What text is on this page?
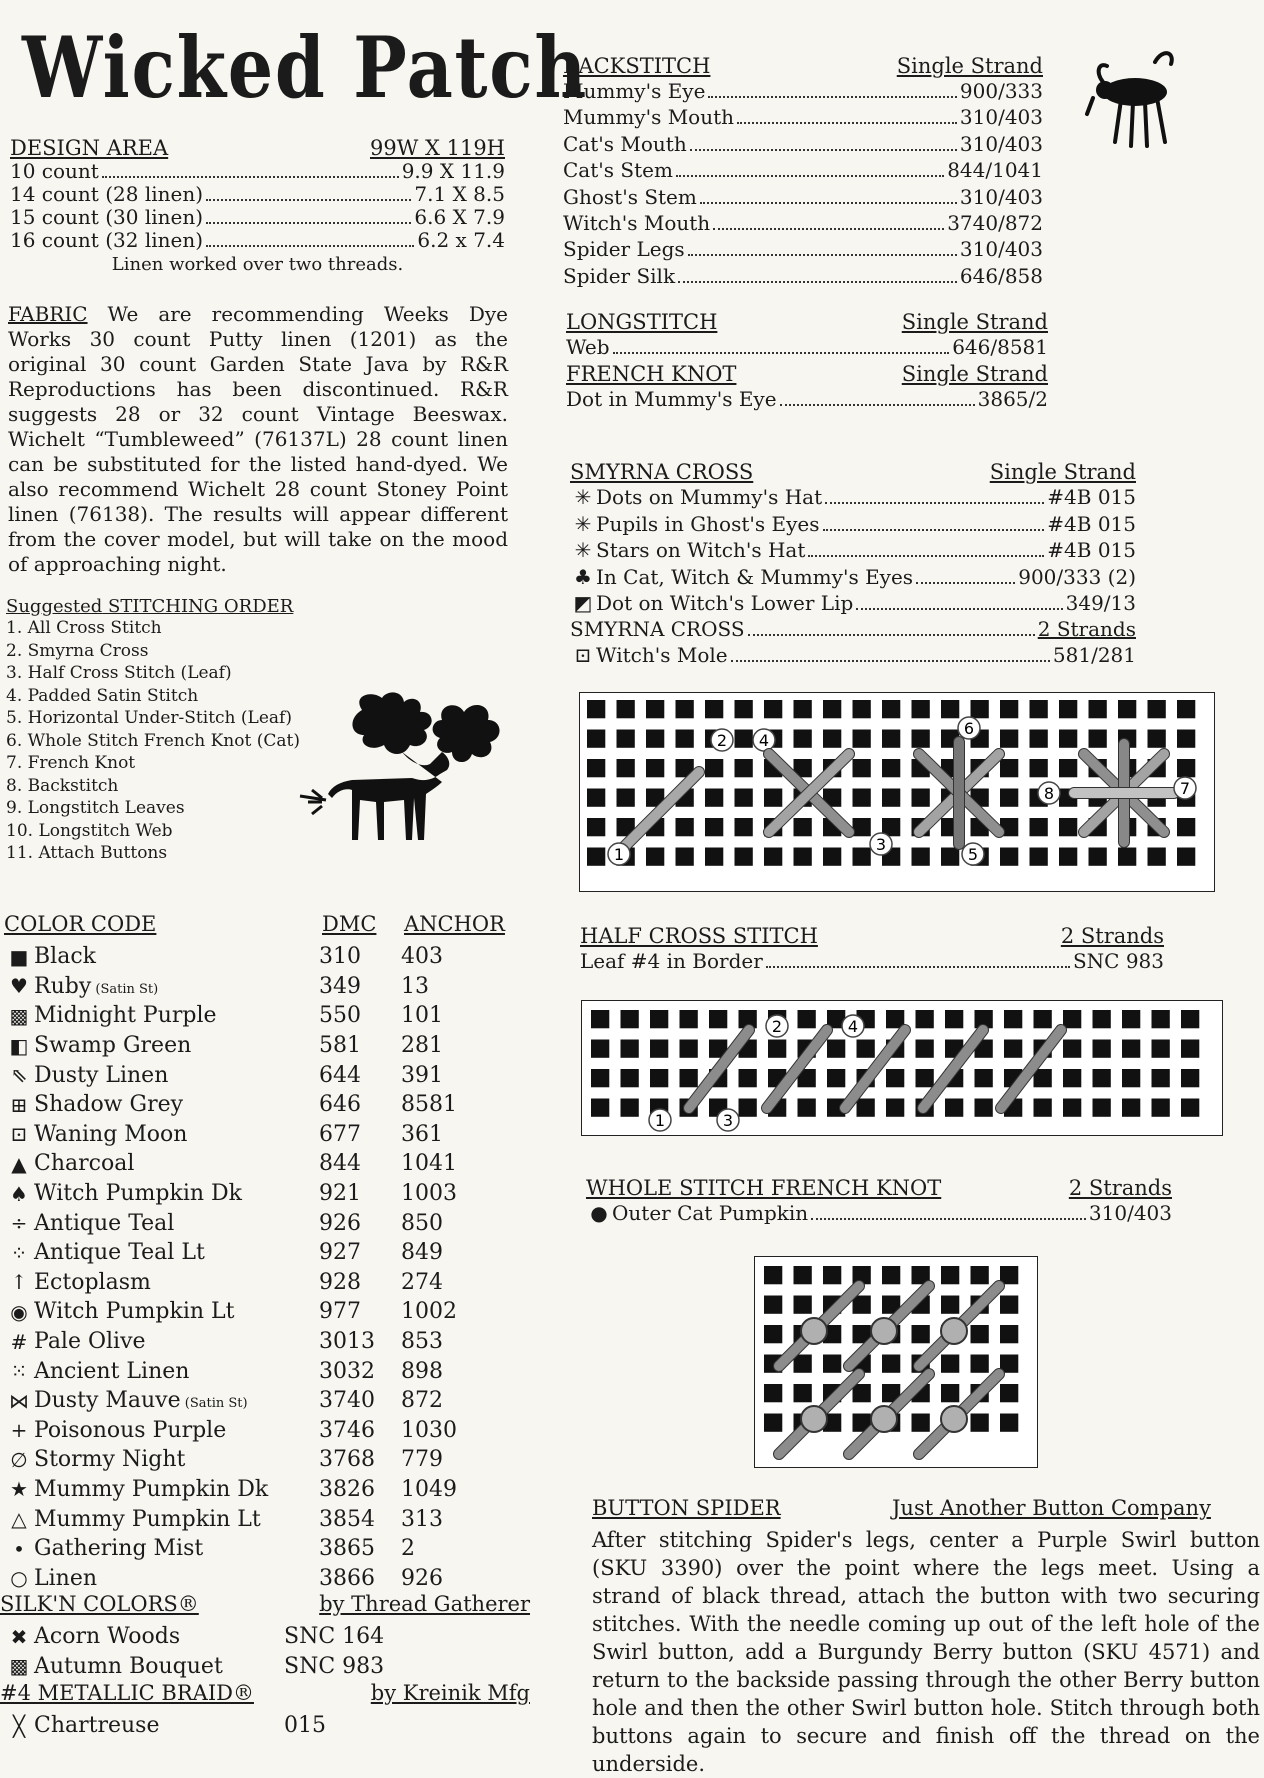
Wicked Patch
DESIGN AREA	99W X 119H
10 count	9.9 X 11.9
14 count (28 linen)	7.1 X 8.5
15 count (30 linen)	6.6 X 7.9
16 count (32 linen)	6.2 x 7.4
Linen worked over two threads.
FABRIC We are recommending Weeks Dye Works 30 count Putty linen (1201) as the original 30 count Garden State Java by R&R Reproductions has been discontinued. R&R suggests 28 or 32 count Vintage Beeswax. Wichelt “Tumbleweed” (76137L) 28 count linen can be substituted for the listed hand-dyed. We also recommend Wichelt 28 count Stoney Point linen (76138). The results will appear different from the cover model, but will take on the mood of approaching night.
Suggested STITCHING ORDER
1. All Cross Stitch
2. Smyrna Cross
3. Half Cross Stitch (Leaf)
4. Padded Satin Stitch
5. Horizontal Under-Stitch (Leaf)
6. Whole Stitch French Knot (Cat)
7. French Knot
8. Backstitch
9. Longstitch Leaves
10. Longstitch Web
11. Attach Buttons
COLOR CODE	DMC	ANCHOR
■ Black	310	403
♥ Ruby (Satin St)	349	13
▩ Midnight Purple	550	101
◧ Swamp Green	581	281
⇖ Dusty Linen	644	391
⊞ Shadow Grey	646	8581
⊡ Waning Moon	677	361
▲ Charcoal	844	1041
♠ Witch Pumpkin Dk	921	1003
÷ Antique Teal	926	850
⁘ Antique Teal Lt	927	849
↑ Ectoplasm	928	274
◉ Witch Pumpkin Lt	977	1002
# Pale Olive	3013	853
⁙ Ancient Linen	3032	898
⋈ Dusty Mauve (Satin St)	3740	872
+ Poisonous Purple	3746	1030
∅ Stormy Night	3768	779
★ Mummy Pumpkin Dk	3826	1049
△ Mummy Pumpkin Lt	3854	313
• Gathering Mist	3865	2
○ Linen	3866	926
SILK'N COLORS®	by Thread Gatherer
✖ Acorn Woods	SNC 164
▩ Autumn Bouquet	SNC 983
#4 METALLIC BRAID®	by Kreinik Mfg
╳ Chartreuse	015
BACKSTITCH	Single Strand
Mummy's Eye	900/333
Mummy's Mouth	310/403
Cat's Mouth	310/403
Cat's Stem	844/1041
Ghost's Stem	310/403
Witch's Mouth	3740/872
Spider Legs	310/403
Spider Silk	646/858
LONGSTITCH	Single Strand
Web	646/8581
FRENCH KNOT	Single Strand
Dot in Mummy's Eye	3865/2
SMYRNA CROSS	Single Strand
✳ Dots on Mummy's Hat	#4B 015
✳ Pupils in Ghost's Eyes	#4B 015
✳ Stars on Witch's Hat	#4B 015
♣ In Cat, Witch & Mummy's Eyes	900/333 (2)
◩ Dot on Witch's Lower Lip	349/13
SMYRNA CROSS	2 Strands
⊡ Witch's Mole	581/281
1
2 4
3
6
5
8	7
HALF CROSS STITCH	2 Strands
Leaf #4 in Border	SNC 983
2	4
1	3
WHOLE STITCH FRENCH KNOT	2 Strands
● Outer Cat Pumpkin	310/403
BUTTON SPIDER	Just Another Button Company
After stitching Spider's legs, center a Purple Swirl button (SKU 3390) over the point where the legs meet. Using a strand of black thread, attach the button with two securing stitches. With the needle coming up out of the left hole of the Swirl button, add a Burgundy Berry button (SKU 4571) and return to the backside passing through the other Berry button hole and then the other Swirl button hole. Stitch through both buttons again to secure and finish off the thread on the underside.
